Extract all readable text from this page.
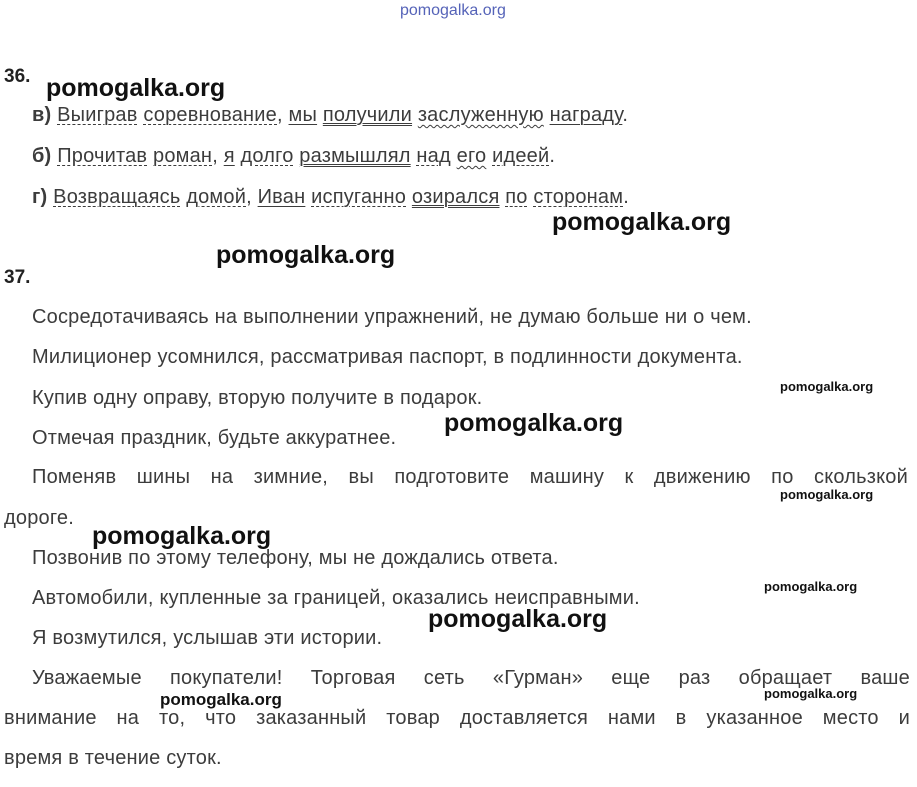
pomogalka.org
36.
в) Выиграв соревнование, мы получили заслуженную награду.
б) Прочитав роман, я долго размышлял над его идеей.
г) Возвращаясь домой, Иван испуганно озирался по сторонам.
37.
Сосредотачиваясь на выполнении упражнений, не думаю больше ни о чем.
Милиционер усомнился, рассматривая паспорт, в подлинности документа.
Купив одну оправу, вторую получите в подарок.
Отмечая праздник, будьте аккуратнее.
Поменяв шины на зимние, вы подготовите машину к движению по скользкой
дороге.
Позвонив по этому телефону, мы не дождались ответа.
Автомобили, купленные за границей, оказались неисправными.
Я возмутился, услышав эти истории.
Уважаемые покупатели! Торговая сеть «Гурман» еще раз обращает ваше
внимание на то, что заказанный товар доставляется нами в указанное место и
время в течение суток.
pomogalka.org
pomogalka.org
pomogalka.org
pomogalka.org
pomogalka.org
pomogalka.org
pomogalka.org
pomogalka.org
pomogalka.org
pomogalka.org
pomogalka.org
